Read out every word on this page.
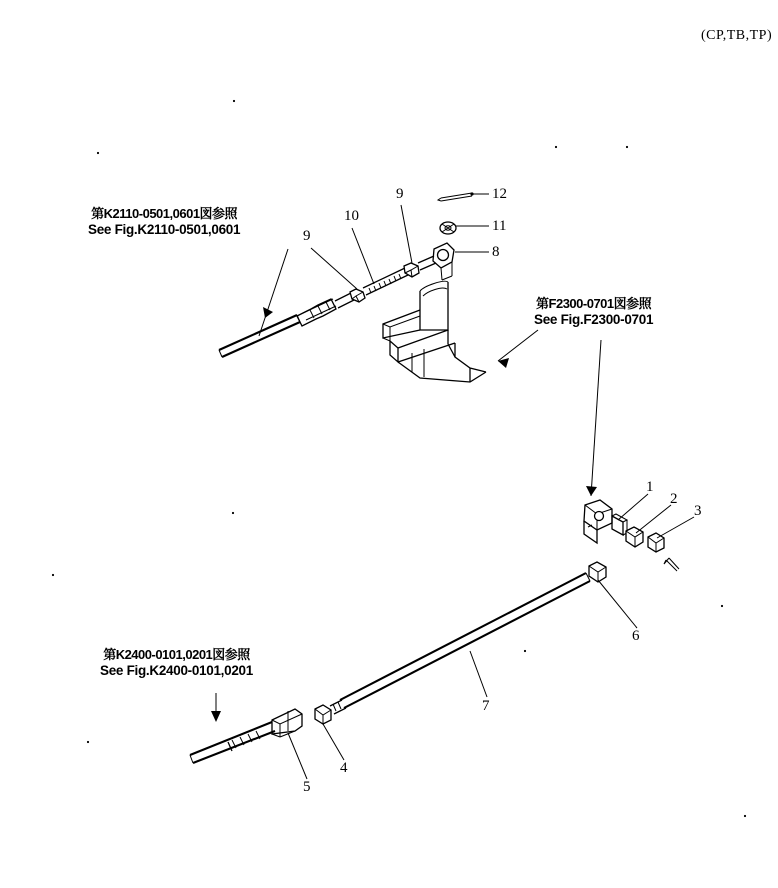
(CP,TB,TP)
第K2110-0501,0601図参照
See Fig.K2110-0501,0601
第F2300-0701図参照
See Fig.F2300-0701
第K2400-0101,0201図参照
See Fig.K2400-0101,0201
12
11
8
9
10
9
1
2
3
6
7
5
4
